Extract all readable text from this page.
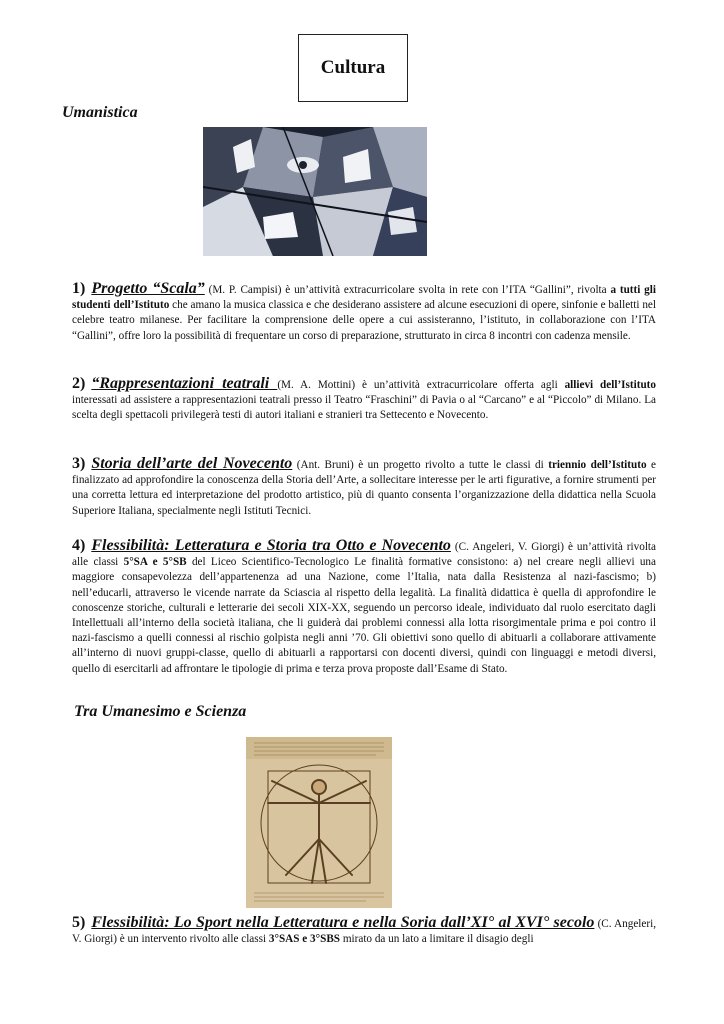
Cultura
Umanistica
1) Progetto “Scala” (M. P. Campisi) è un’attività extracurricolare svolta in rete con l’ITA “Gallini”, rivolta a tutti gli studenti dell’Istituto che amano la musica classica e che desiderano assistere ad alcune esecuzioni di opere, sinfonie e balletti nel celebre teatro milanese. Per facilitare la comprensione delle opere a cui assisteranno, l’istituto, in collaborazione con l’ITA “Gallini”, offre loro la possibilità di frequentare un corso di preparazione, strutturato in circa 8 incontri con cadenza mensile.
2) “Rappresentazioni teatrali (M. A. Mottini) è un’attività extracurricolare offerta agli allievi dell’Istituto interessati ad assistere a rappresentazioni teatrali presso il Teatro “Fraschini” di Pavia o al “Carcano” e al “Piccolo” di Milano. La scelta degli spettacoli privilegerà testi di autori italiani e stranieri tra Settecento e Novecento.
3) Storia dell’arte del Novecento (Ant. Bruni) è un progetto rivolto a tutte le classi di triennio dell’Istituto e finalizzato ad approfondire la conoscenza della Storia dell’Arte, a sollecitare interesse per le arti figurative, a fornire strumenti per una corretta lettura ed interpretazione del prodotto artistico, più di quanto consenta l’organizzazione della didattica nella Scuola Superiore Italiana, specialmente negli Istituti Tecnici.
4) Flessibilità: Letteratura e Storia tra Otto e Novecento (C. Angeleri, V. Giorgi) è un’attività rivolta alle classi 5°SA e 5°SB del Liceo Scientifico-Tecnologico Le finalità formative consistono: a) nel creare negli allievi una maggiore consapevolezza dell’appartenenza ad una Nazione, come l’Italia, nata dalla Resistenza al nazi-fascismo; b) nell’educarli, attraverso le vicende narrate da Sciascia al rispetto della legalità. La finalità didattica è quella di approfondire le conoscenze storiche, culturali e letterarie dei secoli XIX-XX, seguendo un percorso ideale, individuato dal ruolo esercitato dagli Intellettuali all’interno della società italiana, che li guiderà dai problemi connessi alla lotta risorgimentale prima e poi contro il nazi-fascismo a quelli connessi al rischio golpista negli anni ’70. Gli obiettivi sono quello di abituarli a collaborare attivamente all’interno di nuovi gruppi-classe, quello di abituarli a rapportarsi con docenti diversi, quindi con linguaggi e metodi diversi, quello di esercitarli ad affrontare le tipologie di prima e terza prova proposte dall’Esame di Stato.
Tra Umanesimo e Scienza
5) Flessibilità: Lo Sport nella Letteratura e nella Soria dall’XI° al XVI° secolo (C. Angeleri, V. Giorgi) è un intervento rivolto alle classi 3°SAS e 3°SBS mirato da un lato a limitare il disagio degli
